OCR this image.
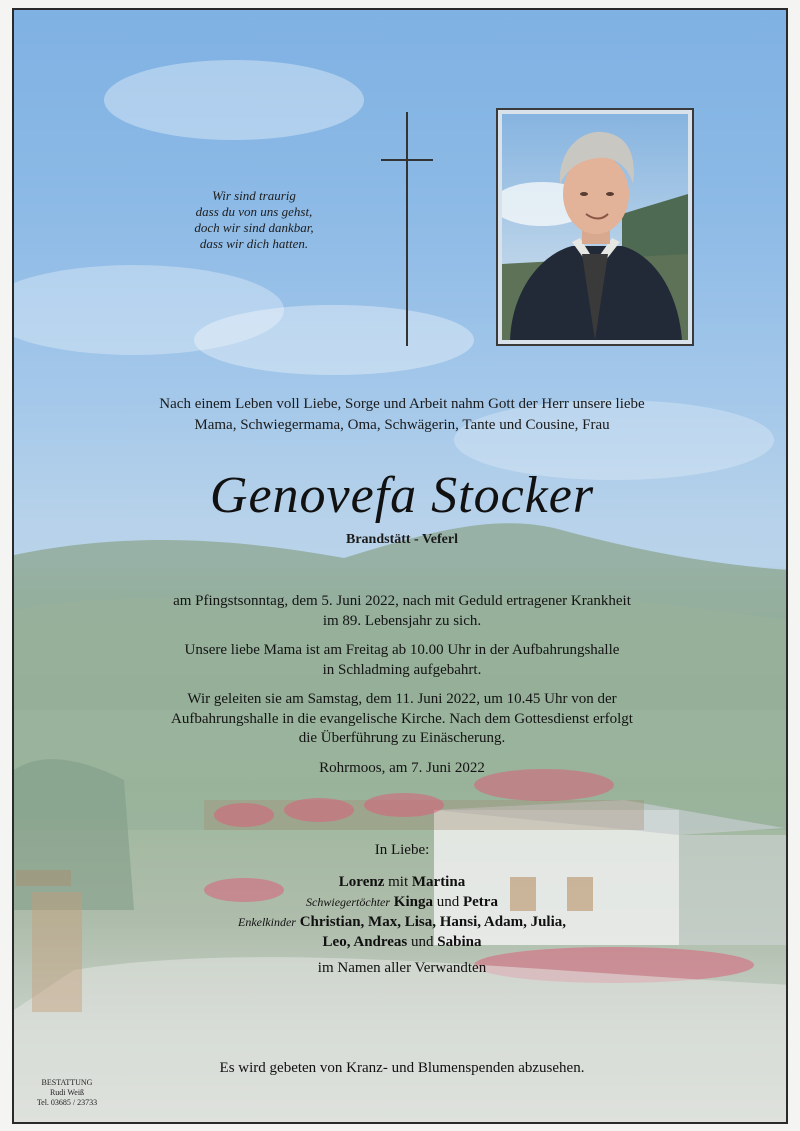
Wir sind traurig
dass du von uns gehst,
doch wir sind dankbar,
dass wir dich hatten.
Nach einem Leben voll Liebe, Sorge und Arbeit nahm Gott der Herr unsere liebe
Mama, Schwiegermama, Oma, Schwägerin, Tante und Cousine, Frau
Genovefa Stocker
Brandstätt - Veferl
am Pfingstsonntag, dem 5. Juni 2022, nach mit Geduld ertragener Krankheit
im 89. Lebensjahr zu sich.
Unsere liebe Mama ist am Freitag ab 10.00 Uhr in der Aufbahrungshalle
in Schladming aufgebahrt.
Wir geleiten sie am Samstag, dem 11. Juni 2022, um 10.45 Uhr von der
Aufbahrungshalle in die evangelische Kirche. Nach dem Gottesdienst erfolgt
die Überführung zu Einäscherung.
Rohrmoos, am 7. Juni 2022
In Liebe:
Lorenz mit Martina
Schwiegertöchter Kinga und Petra
Enkelkinder Christian, Max, Lisa, Hansi, Adam, Julia,
Leo, Andreas und Sabina
im Namen aller Verwandten
Es wird gebeten von Kranz- und Blumenspenden abzusehen.
BESTATTUNG
Rudi Weiß
Tel. 03685 / 23733
